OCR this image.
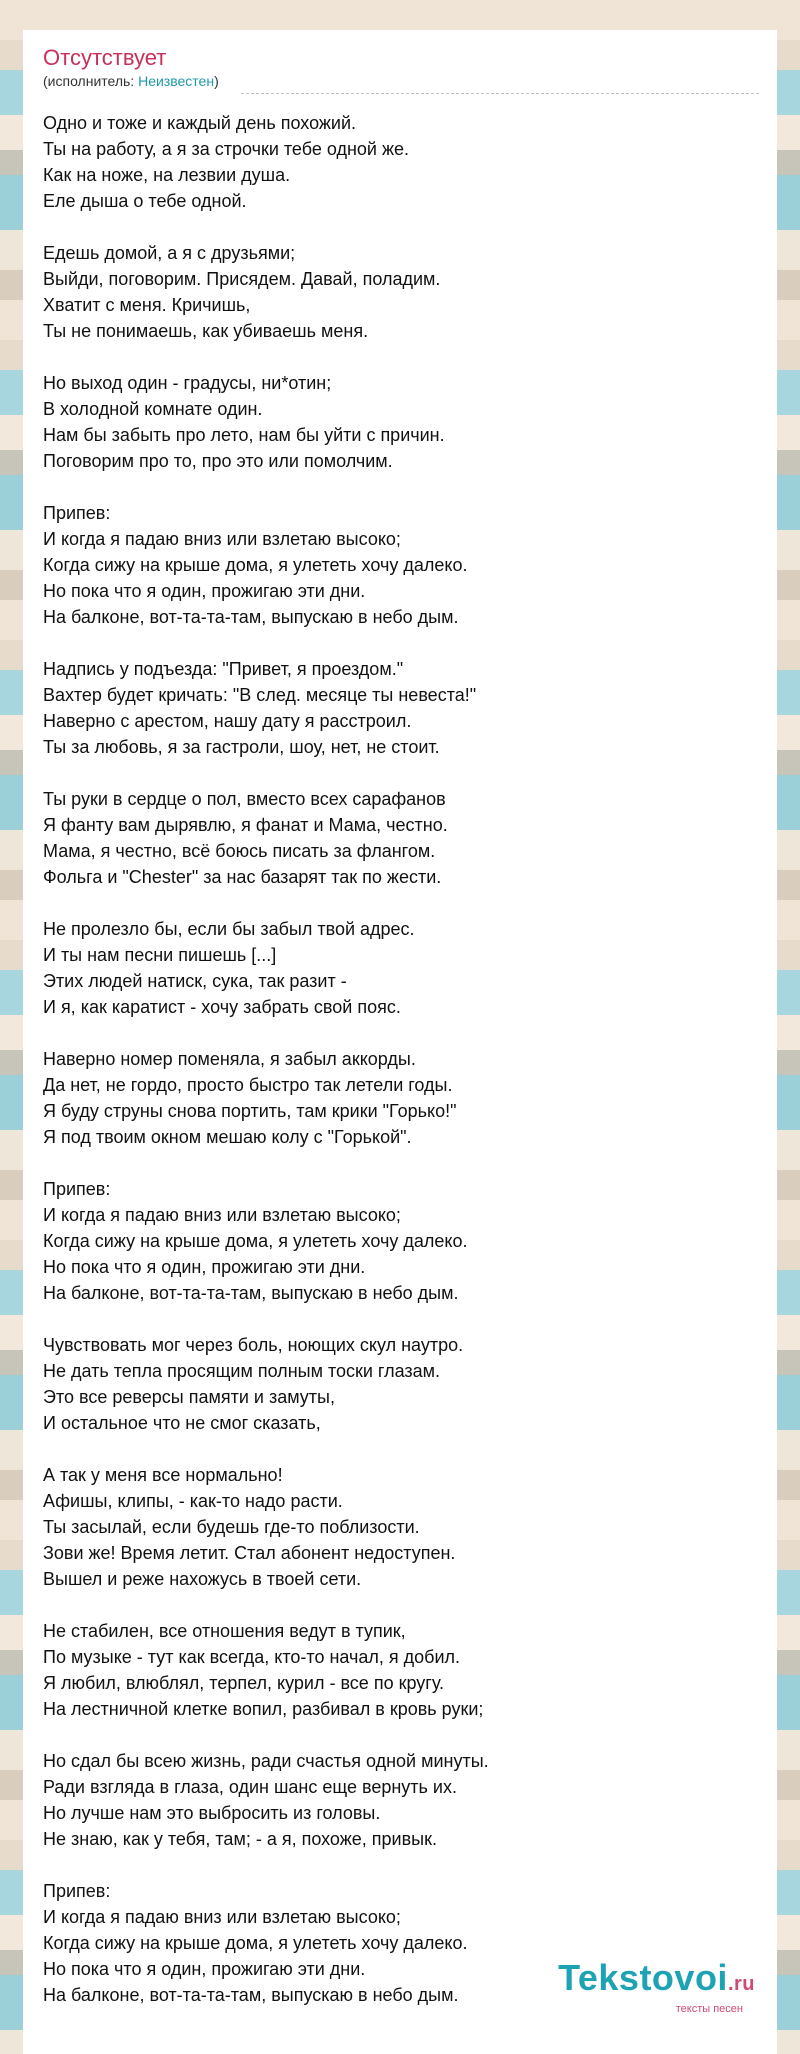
Отсутствует
(исполнитель: Неизвестен)
Одно и тоже и каждый день похожий.
Ты на работу, а я за строчки тебе одной же.
Как на ноже, на лезвии душа.
Еле дыша о тебе одной.

Едешь домой, а я с друзьями;
Выйди, поговорим. Присядем. Давай, поладим.
Хватит с меня. Кричишь,
Ты не понимаешь, как убиваешь меня.

Но выход один - градусы, ни*отин;
В холодной комнате один.
Нам бы забыть про лето, нам бы уйти с причин.
Поговорим про то, про это или помолчим.

Припев:
И когда я падаю вниз или взлетаю высоко;
Когда сижу на крыше дома, я улететь хочу далеко.
Но пока что я один, прожигаю эти дни.
На балконе, вот-та-та-там, выпускаю в небо дым.

Надпись у подъезда: "Привет, я проездом."
Вахтер будет кричать: "В след. месяце ты невеста!"
Наверно с арестом, нашу дату я расстроил.
Ты за любовь, я за гастроли, шоу, нет, не стоит.

Ты руки в сердце о пол, вместо всех сарафанов
Я фанту вам дырявлю, я фанат и Мама, честно.
Мама, я честно, всё боюсь писать за флангом.
Фольга и "Chester" за нас базарят так по жести.

Не пролезло бы, если бы забыл твой адрес.
И ты нам песни пишешь [...]
Этих людей натиск, сука, так разит -
И я, как каратист - хочу забрать свой пояс.

Наверно номер поменяла, я забыл аккорды.
Да нет, не гордо, просто быстро так летели годы.
Я буду струны снова портить, там крики "Горько!"
Я под твоим окном мешаю колу с "Горькой".

Припев:
И когда я падаю вниз или взлетаю высоко;
Когда сижу на крыше дома, я улететь хочу далеко.
Но пока что я один, прожигаю эти дни.
На балконе, вот-та-та-там, выпускаю в небо дым.

Чувствовать мог через боль, ноющих скул наутро.
Не дать тепла просящим полным тоски глазам.
Это все реверсы памяти и замуты,
И остальное что не смог сказать,

А так у меня все нормально!
Афишы, клипы, - как-то надо расти.
Ты засылай, если будешь где-то поблизости.
Зови же! Время летит. Стал абонент недоступен.
Вышел и реже нахожусь в твоей сети.

Не стабилен, все отношения ведут в тупик,
По музыке - тут как всегда, кто-то начал, я добил.
Я любил, влюблял, терпел, курил - все по кругу.
На лестничной клетке вопил, разбивал в кровь руки;

Но сдал бы всею жизнь, ради счастья одной минуты.
Ради взгляда в глаза, один шанс еще вернуть их.
Но лучше нам это выбросить из головы.
Не знаю, как у тебя, там; - а я, похоже, привык.

Припев:
И когда я падаю вниз или взлетаю высоко;
Когда сижу на крыше дома, я улететь хочу далеко.
Но пока что я один, прожигаю эти дни.
На балконе, вот-та-та-там, выпускаю в небо дым.	Tekstovoi.ru
тексты песен
